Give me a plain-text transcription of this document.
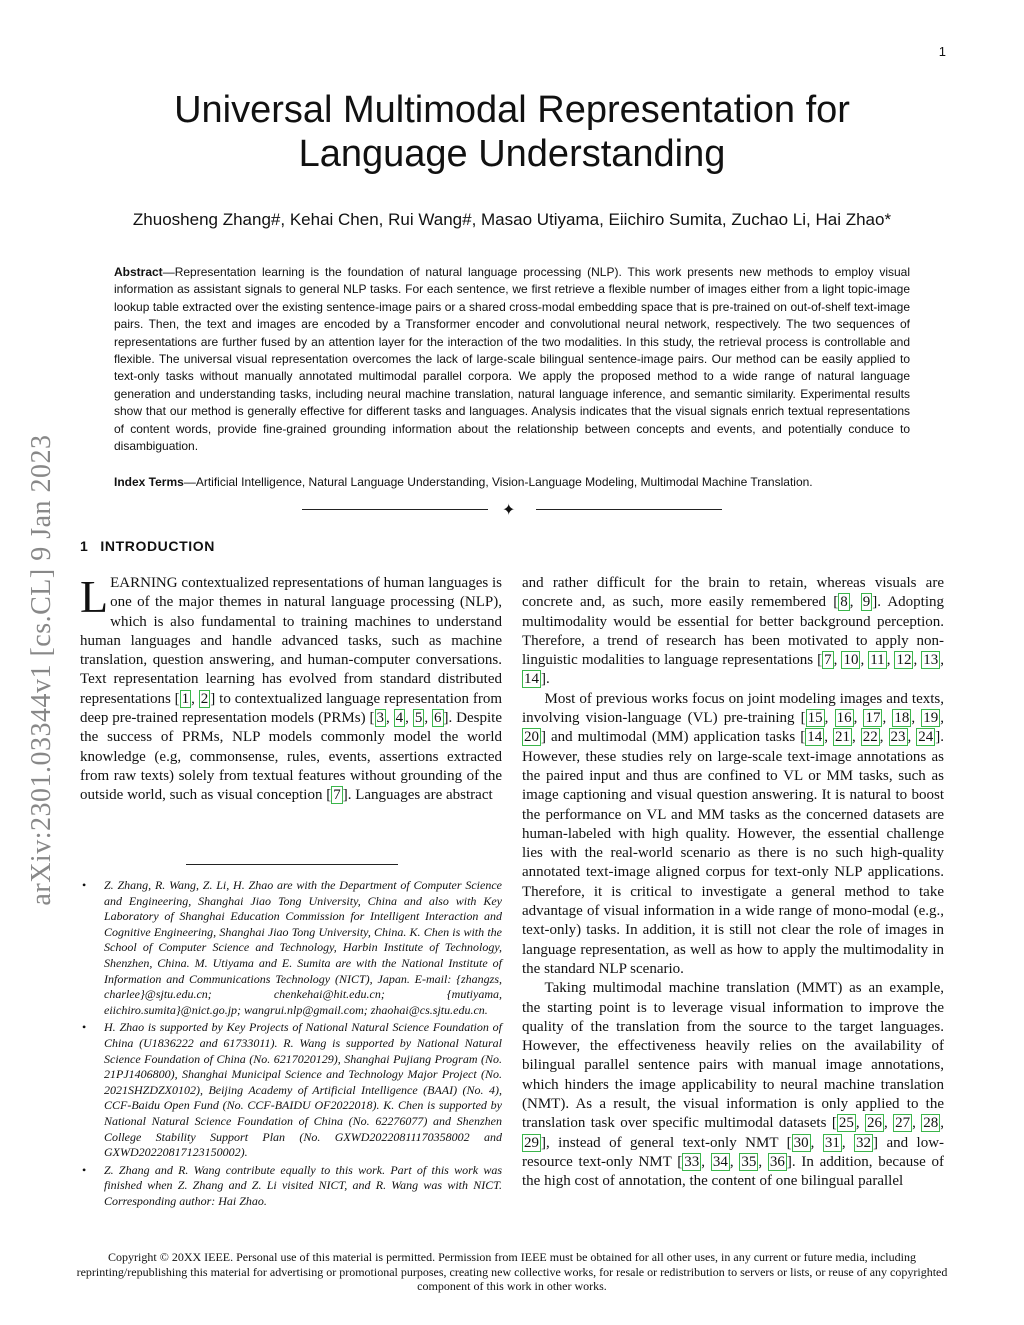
1
arXiv:2301.03344v1 [cs.CL] 9 Jan 2023
Universal Multimodal Representation for Language Understanding
Zhuosheng Zhang#, Kehai Chen, Rui Wang#, Masao Utiyama, Eiichiro Sumita, Zuchao Li, Hai Zhao*

Abstract—Representation learning is the foundation of natural language processing (NLP). This work presents new methods to employ visual information as assistant signals to general NLP tasks. For each sentence, we first retrieve a flexible number of images either from a light topic-image lookup table extracted over the existing sentence-image pairs or a shared cross-modal embedding space that is pre-trained on out-of-shelf text-image pairs. Then, the text and images are encoded by a Transformer encoder and convolutional neural network, respectively. The two sequences of representations are further fused by an attention layer for the interaction of the two modalities. In this study, the retrieval process is controllable and flexible. The universal visual representation overcomes the lack of large-scale bilingual sentence-image pairs. Our method can be easily applied to text-only tasks without manually annotated multimodal parallel corpora. We apply the proposed method to a wide range of natural language generation and understanding tasks, including neural machine translation, natural language inference, and semantic similarity. Experimental results show that our method is generally effective for different tasks and languages. Analysis indicates that the visual signals enrich textual representations of content words, provide fine-grained grounding information about the relationship between concepts and events, and potentially conduce to disambiguation.

Index Terms—Artificial Intelligence, Natural Language Understanding, Vision-Language Modeling, Multimodal Machine Translation.

✦
1 INTRODUCTION

LEARNING contextualized representations of human languages is one of the major themes in natural language processing (NLP), which is also fundamental to training machines to understand human languages and handle advanced tasks, such as machine translation, question answering, and human-computer conversations. Text representation learning has evolved from standard distributed representations [ 1 , 2 ] to contextualized language representation from deep pre-trained representation models (PRMs) [ 3 , 4 , 5 , 6 ]. Despite the success of PRMs, NLP models commonly model the world knowledge (e.g, commonsense, rules, events, assertions extracted from raw texts) solely from textual features without grounding of the outside world, such as visual conception [ 7 ]. Languages are abstract

• Z. Zhang, R. Wang, Z. Li, H. Zhao are with the Department of Computer Science and Engineering, Shanghai Jiao Tong University, China and also with Key Laboratory of Shanghai Education Commission for Intelligent Interaction and Cognitive Engineering, Shanghai Jiao Tong University, China. K. Chen is with the School of Computer Science and Technology, Harbin Institute of Technology, Shenzhen, China. M. Utiyama and E. Sumita are with the National Institute of Information and Communications Technology (NICT), Japan. E-mail: {zhangzs, charlee}@sjtu.edu.cn; chenkehai@hit.edu.cn; {mutiyama, eiichiro.sumita}@nict.go.jp; wangrui.nlp@gmail.com; zhaohai@cs.sjtu.edu.cn.
• H. Zhao is supported by Key Projects of National Natural Science Foundation of China (U1836222 and 61733011). R. Wang is supported by National Natural Science Foundation of China (No. 6217020129), Shanghai Pujiang Program (No. 21PJ1406800), Shanghai Municipal Science and Technology Major Project (No. 2021SHZDZX0102), Beijing Academy of Artificial Intelligence (BAAI) (No. 4), CCF-Baidu Open Fund (No. CCF-BAIDU OF2022018). K. Chen is supported by National Natural Science Foundation of China (No. 62276077) and Shenzhen College Stability Support Plan (No. GXWD20220811170358002 and GXWD20220817123150002).
• Z. Zhang and R. Wang contribute equally to this work. Part of this work was finished when Z. Zhang and Z. Li visited NICT, and R. Wang was with NICT. Corresponding author: Hai Zhao.

and rather difficult for the brain to retain, whereas visuals are concrete and, as such, more easily remembered [ 8 , 9 ]. Adopting multimodality would be essential for better background perception. Therefore, a trend of research has been motivated to apply non-linguistic modalities to language representations [ 7 , 10 , 11 , 12 , 13 , 14 ].

Most of previous works focus on joint modeling images and texts, involving vision-language (VL) pre-training [ 15 , 16 , 17 , 18 , 19 , 20 ] and multimodal (MM) application tasks [ 14 , 21 , 22 , 23 , 24 ]. However, these studies rely on large-scale text-image annotations as the paired input and thus are confined to VL or MM tasks, such as image captioning and visual question answering. It is natural to boost the performance on VL and MM tasks as the concerned datasets are human-labeled with high quality. However, the essential challenge lies with the real-world scenario as there is no such high-quality annotated text-image aligned corpus for text-only NLP applications. Therefore, it is critical to investigate a general method to take advantage of visual information in a wide range of mono-modal (e.g., text-only) tasks. In addition, it is still not clear the role of images in language representation, as well as how to apply the multimodality in the standard NLP scenario.

Taking multimodal machine translation (MMT) as an example, the starting point is to leverage visual information to improve the quality of the translation from the source to the target languages. However, the effectiveness heavily relies on the availability of bilingual parallel sentence pairs with manual image annotations, which hinders the image applicability to neural machine translation (NMT). As a result, the visual information is only applied to the translation task over specific multimodal datasets [ 25 , 26 , 27 , 28 , 29 ], instead of general text-only NMT [ 30 , 31 , 32 ] and low-resource text-only NMT [ 33 , 34 , 35 , 36 ]. In addition, because of the high cost of annotation, the content of one bilingual parallel

Copyright © 20XX IEEE. Personal use of this material is permitted. Permission from IEEE must be obtained for all other uses, in any current or future media, including reprinting/republishing this material for advertising or promotional purposes, creating new collective works, for resale or redistribution to servers or lists, or reuse of any copyrighted component of this work in other works.
